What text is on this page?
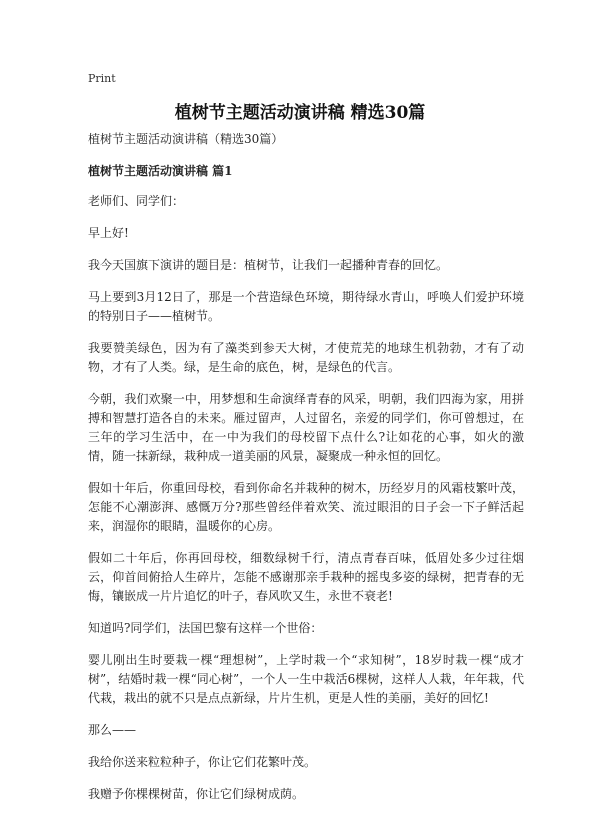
Print
植树节主题活动演讲稿 精选30篇
植树节主题活动演讲稿（精选30篇）
植树节主题活动演讲稿 篇1

老师们、同学们：

早上好!

我今天国旗下演讲的题目是：植树节，让我们一起播种青春的回忆。

马上要到3月12日了，那是一个营造绿色环境，期待绿水青山，呼唤人们爱护环境的特别日子——植树节。

我要赞美绿色，因为有了藻类到参天大树，才使荒芜的地球生机勃勃，才有了动物，才有了人类。绿，是生命的底色，树，是绿色的代言。

今朝，我们欢聚一中，用梦想和生命演绎青春的风采，明朝，我们四海为家，用拼搏和智慧打造各自的未来。雁过留声，人过留名，亲爱的同学们，你可曾想过，在三年的学习生活中，在一中为我们的母校留下点什么?让如花的心事，如火的激情，随一抹新绿，栽种成一道美丽的风景，凝聚成一种永恒的回忆。

假如十年后，你重回母校，看到你命名并栽种的树木，历经岁月的风霜枝繁叶茂，怎能不心潮澎湃、感慨万分?那些曾经伴着欢笑、流过眼泪的日子会一下子鲜活起来，润湿你的眼睛，温暖你的心房。

假如二十年后，你再回母校，细数绿树千行，清点青春百味，低眉处多少过往烟云，仰首间俯拾人生碎片，怎能不感谢那亲手栽种的摇曳多姿的绿树，把青春的无悔，镶嵌成一片片追忆的叶子，春风吹又生，永世不衰老!

知道吗?同学们，法国巴黎有这样一个世俗：

婴儿刚出生时要栽一棵“理想树”，上学时栽一个“求知树”，18岁时栽一棵“成才树”，结婚时栽一棵“同心树”，一个人一生中栽活6棵树，这样人人栽，年年栽，代代栽，栽出的就不只是点点新绿，片片生机，更是人性的美丽，美好的回忆!

那么——

我给你送来粒粒种子，你让它们花繁叶茂。

我赠予你棵棵树苗，你让它们绿树成荫。
